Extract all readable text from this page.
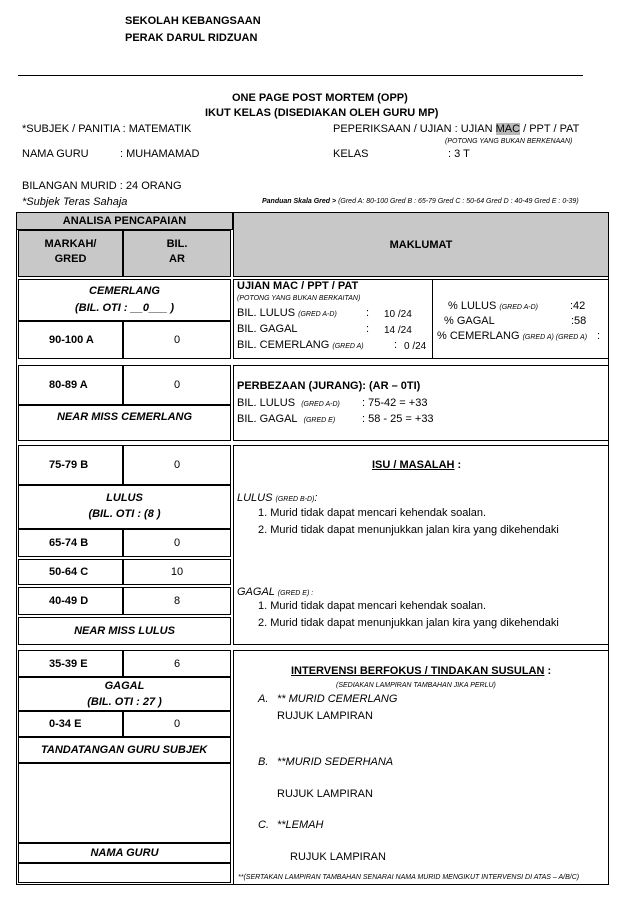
SEKOLAH KEBANGSAAN
PERAK DARUL RIDZUAN
ONE PAGE POST MORTEM (OPP)
IKUT KELAS (DISEDIAKAN OLEH GURU MP)
*SUBJEK / PANITIA : MATEMATIK	PEPERIKSAAN / UJIAN : UJIAN MAC / PPT / PAT
(POTONG YANG BUKAN BERKENAAN)
NAMA GURU	: MUHAMAMAD	KELAS	: 3 T
BILANGAN MURID : 24 ORANG
*Subjek Teras Sahaja	Panduan Skala Gred > (Gred A: 80-100 Gred B : 65-79 Gred C : 50-64 Gred D : 40-49 Gred E : 0-39)
ANALISA PENCAPAIAN
MARKAH/
GRED
BIL.
AR
MAKLUMAT
CEMERLANG
(BIL. OTI : __0___ )
90-100 A	0
80-89 A	0
NEAR MISS CEMERLANG
75-79 B	0
LULUS
(BIL. OTI : (8 )
65-74 B	0
50-64 C	10
40-49 D	8
NEAR MISS LULUS
35-39 E	6
GAGAL
(BIL. OTI : 27 )
0-34 E	0
TANDATANGAN GURU SUBJEK
NAMA GURU
UJIAN MAC / PPT / PAT
(POTONG YANG BUKAN BERKAITAN)
BIL. LULUS (GRED A-D)	: 10 /24
BIL. GAGAL	: 14 /24
BIL. CEMERLANG (GRED A)	: 0 /24
% LULUS (GRED A-D)	:42
% GAGAL	:58
% CEMERLANG (GRED A) (GRED A) :
PERBEZAAN (JURANG): (AR – 0TI)
BIL. LULUS (GRED A-D) : 75-42 = +33
BIL. GAGAL (GRED E) : 58 - 25 = +33
ISU / MASALAH :
LULUS (GRED B-D):
1. Murid tidak dapat mencari kehendak soalan.
2. Murid tidak dapat menunjukkan jalan kira yang dikehendaki
GAGAL (GRED E) :
1. Murid tidak dapat mencari kehendak soalan.
2. Murid tidak dapat menunjukkan jalan kira yang dikehendaki
INTERVENSI BERFOKUS / TINDAKAN SUSULAN :
(SEDIAKAN LAMPIRAN TAMBAHAN JIKA PERLU)
A. ** MURID CEMERLANG
RUJUK LAMPIRAN
B. **MURID SEDERHANA
RUJUK LAMPIRAN
C. **LEMAH
RUJUK LAMPIRAN
**(SERTAKAN LAMPIRAN TAMBAHAN SENARAI NAMA MURID MENGIKUT INTERVENSI DI ATAS – A/B/C)
